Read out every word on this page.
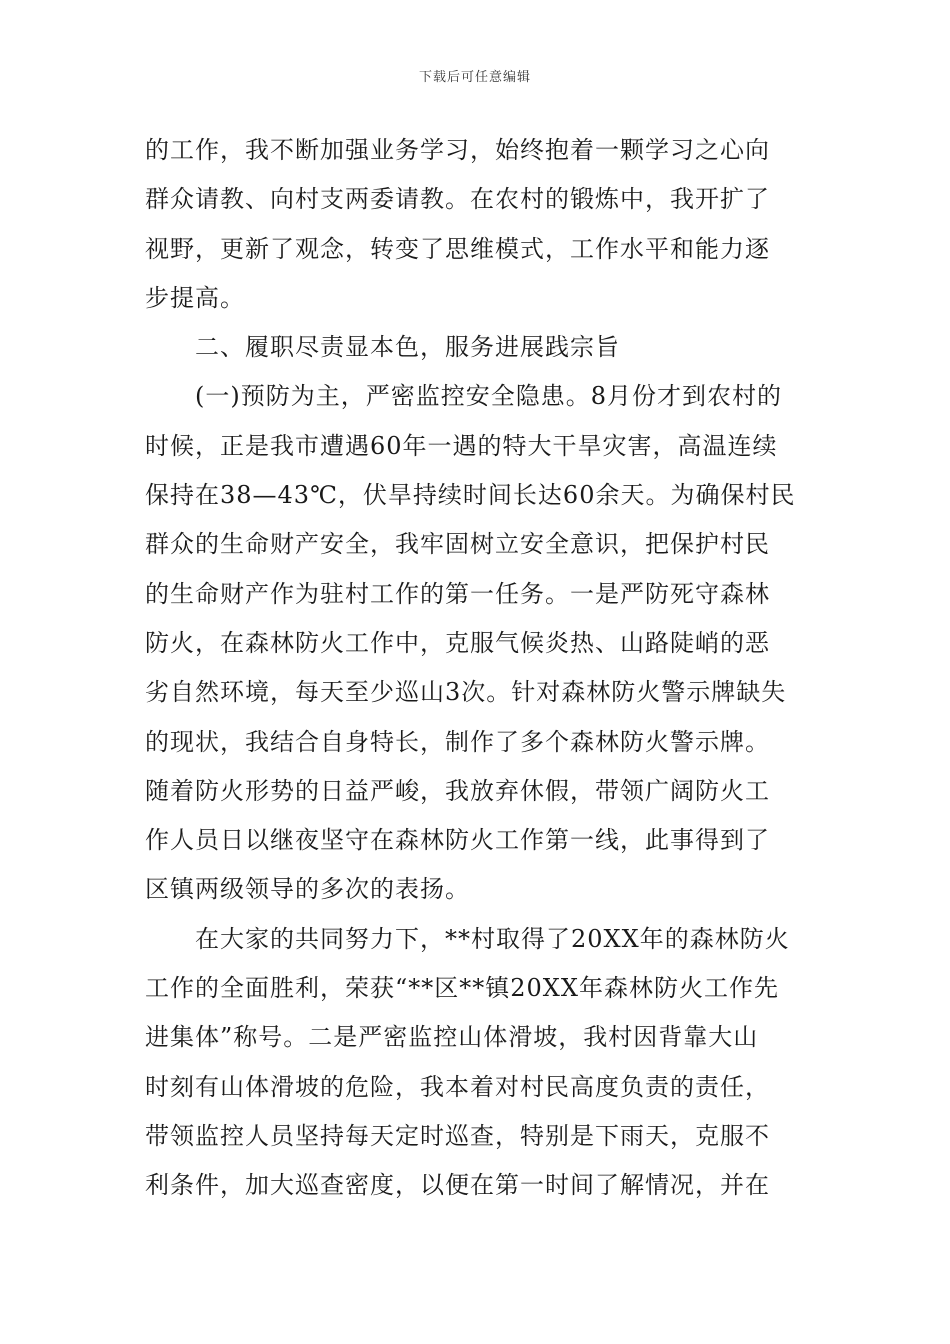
下载后可任意编辑
的工作，我不断加强业务学习，始终抱着一颗学习之心向
群众请教、向村支两委请教。在农村的锻炼中，我开扩了
视野，更新了观念，转变了思维模式，工作水平和能力逐
步提高。
二、履职尽责显本色，服务进展践宗旨
(一)预防为主，严密监控安全隐患。8月份才到农村的
时候，正是我市遭遇60年一遇的特大干旱灾害，高温连续
保持在38—43℃，伏旱持续时间长达60余天。为确保村民
群众的生命财产安全，我牢固树立安全意识，把保护村民
的生命财产作为驻村工作的第一任务。一是严防死守森林
防火，在森林防火工作中，克服气候炎热、山路陡峭的恶
劣自然环境，每天至少巡山3次。针对森林防火警示牌缺失
的现状，我结合自身特长，制作了多个森林防火警示牌。
随着防火形势的日益严峻，我放弃休假，带领广阔防火工
作人员日以继夜坚守在森林防火工作第一线，此事得到了
区镇两级领导的多次的表扬。
在大家的共同努力下，**村取得了20XX年的森林防火
工作的全面胜利，荣获“**区**镇20XX年森林防火工作先
进集体”称号。二是严密监控山体滑坡，我村因背靠大山
时刻有山体滑坡的危险，我本着对村民高度负责的责任，
带领监控人员坚持每天定时巡查，特别是下雨天，克服不
利条件，加大巡查密度，以便在第一时间了解情况，并在
